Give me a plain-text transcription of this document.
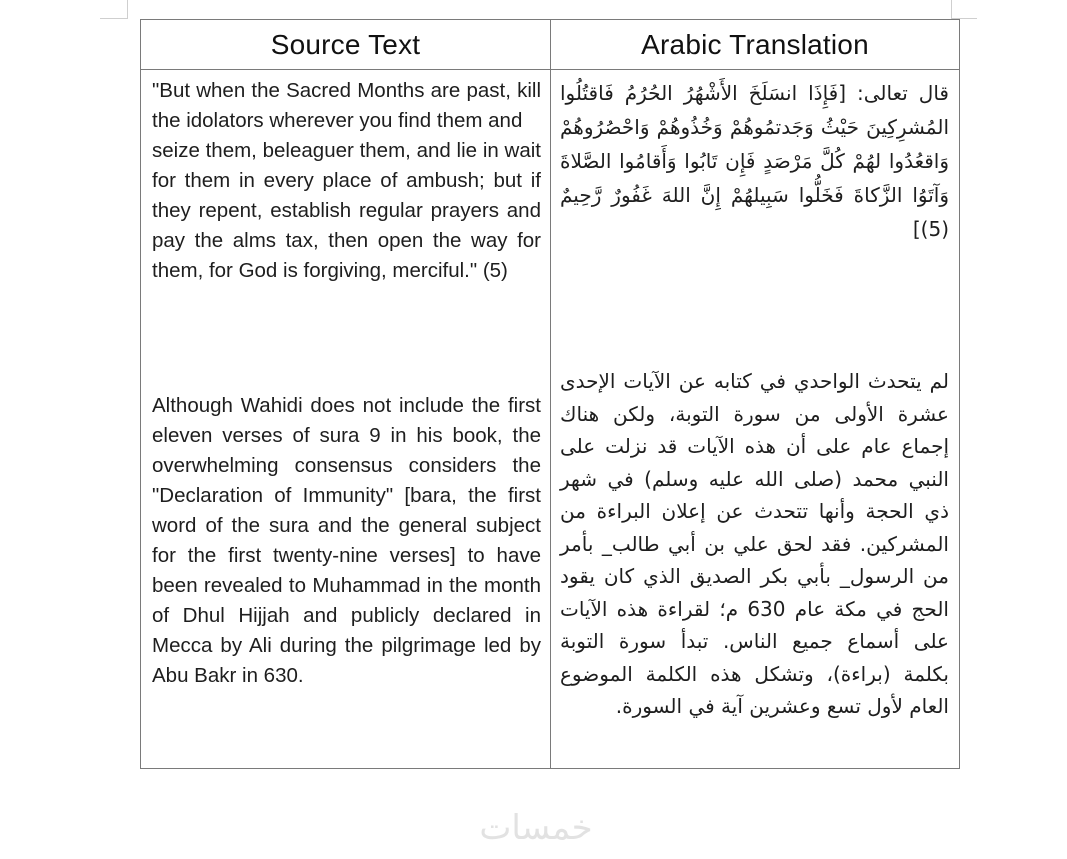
Source Text	Arabic Translation

"But when the Sacred Months are past, kill the idolators wherever you find them and

seize them, beleaguer them, and lie in wait for them in every place of ambush; but if they repent, establish regular prayers and pay the alms tax, then open the way for them, for God is forgiving, merciful." (5)

Although Wahidi does not include the first eleven verses of sura 9 in his book, the overwhelming consensus considers the "Declaration of Immunity" [bara, the first word of the sura and the general subject for the first twenty-nine verses] to have been revealed to Muhammad in the month of Dhul Hijjah and publicly declared in Mecca by Ali during the pilgrimage led by Abu Bakr in 630.

قال تعالى: [فَإِذَا انسَلَخَ الأَشْهُرُ الحُرُمُ فَاقتُلُوا المُشرِكِينَ حَيْثُ وَجَدتمُوهُمْ وَخُذُوهُمْ وَاحْصُرُوهُمْ وَاقعُدُوا لهُمْ كُلَّ مَرْصَدٍ فَإِن تَابُوا وَأَقامُوا الصَّلاةَ وَآتَوُا الزَّكاةَ فَخَلُّوا سَبِيلهُمْ إِنَّ اللهَ غَفُورٌ رَّحِيمٌ (5)]

لم يتحدث الواحدي في كتابه عن الآيات الإحدى عشرة الأولى من سورة التوبة، ولكن هناك إجماع عام على أن هذه الآيات قد نزلت على النبي محمد (صلى الله عليه وسلم) في شهر ذي الحجة وأنها تتحدث عن إعلان البراءة من المشركين. فقد لحق علي بن أبي طالب_ بأمر من الرسول_ بأبي بكر الصديق الذي كان يقود الحج في مكة عام 630 م؛ لقراءة هذه الآيات على أسماع جميع الناس. تبدأ سورة التوبة بكلمة (براءة)، وتشكل هذه الكلمة الموضوع العام لأول تسع وعشرين آية في السورة.

خمسات
